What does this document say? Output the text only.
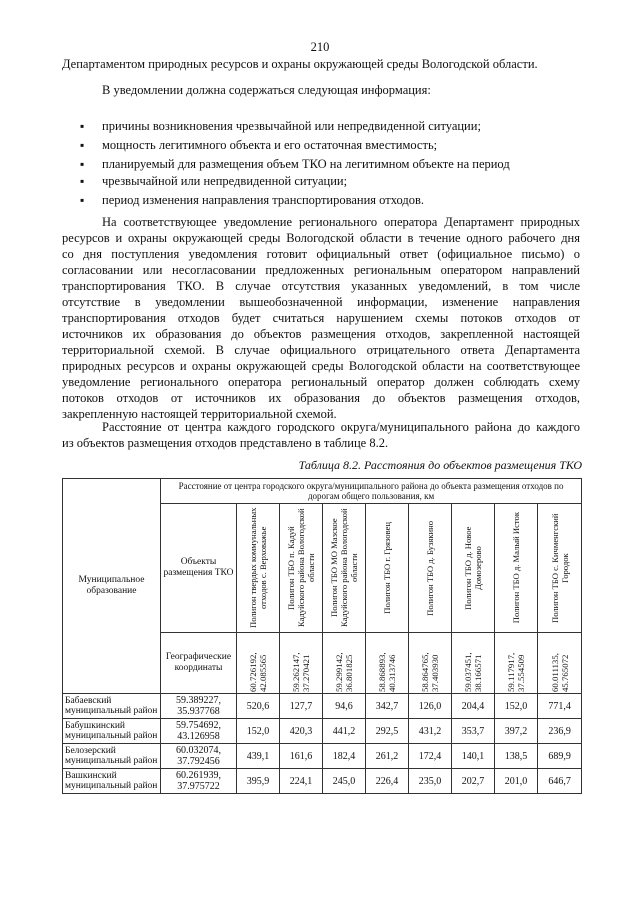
210
Департаментом природных ресурсов и охраны окружающей среды Вологодской области.
В уведомлении должна содержаться следующая информация:
▪ причины возникновения чрезвычайной или непредвиденной ситуации;
▪ мощность легитимного объекта и его остаточная вместимость;
▪ планируемый для размещения объем ТКО на легитимном объекте на период
▪ чрезвычайной или непредвиденной ситуации;
▪ период изменения направления транспортирования отходов.

На соответствующее уведомление регионального оператора Департамент природных

ресурсов и охраны окружающей среды Вологодской области в течение одного рабочего дня

со дня поступления уведомления готовит официальный ответ (официальное письмо) о

согласовании или несогласовании предложенных региональным оператором направлений

транспортирования ТКО. В случае отсутствия указанных уведомлений, в том числе

отсутствие в уведомлении вышеобозначенной информации, изменение направления

транспортирования отходов будет считаться нарушением схемы потоков отходов от

источников их образования до объектов размещения отходов, закрепленной настоящей

территориальной схемой. В случае официального отрицательного ответа Департамента

природных ресурсов и охраны окружающей среды Вологодской области на соответствующее

уведомление регионального оператора региональный оператор должен соблюдать схему

потоков отходов от источников их образования до объектов размещения отходов,

закрепленную настоящей территориальной схемой.

Расстояние от центра каждого городского округа/муниципального района до каждого

из объектов размещения отходов представлено в таблице 8.2.

Таблица 8.2. Расстояния до объектов размещения ТКО
Муниципальное образование	Расстояние от центра городского округа/муниципального района до объекта размещения отходов по дорогам общего пользования, км								
	Объекты размещения ТКО	Полигон твердых коммунальных отходов с. Верховажье	Полигон ТБО п. Кадуй Кадуйского района Вологодской области	Полигон ТБО МО Мазское Кадуйского района Вологодской области	Полигон ТБО г. Грязовец	Полигон ТБО д. Бузякино	Полигон ТБО д. Новое Домозерово	Полигон ТБО д. Малый Исток	Полигон ТБО с. Кичменгский Городок

	Географические координаты	60.726192, 42.085565	59.262147, 37.270421	59.299142, 36.801825	58.868893, 40.313746	58.864765, 37.403930	59.037451, 38.166571	59.117917, 37.554509	60.011135, 45.765072

Бабаевский муниципальный район	59.389227, 35.937768	520,6	127,7	94,6	342,7	126,0	204,4	152,0	771,4
Бабушкинский муниципальный район	59.754692, 43.126958	152,0	420,3	441,2	292,5	431,2	353,7	397,2	236,9
Белозерский муниципальный район	60.032074, 37.792456	439,1	161,6	182,4	261,2	172,4	140,1	138,5	689,9
Вашкинский муниципальный район	60.261939, 37.975722	395,9	224,1	245,0	226,4	235,0	202,7	201,0	646,7
